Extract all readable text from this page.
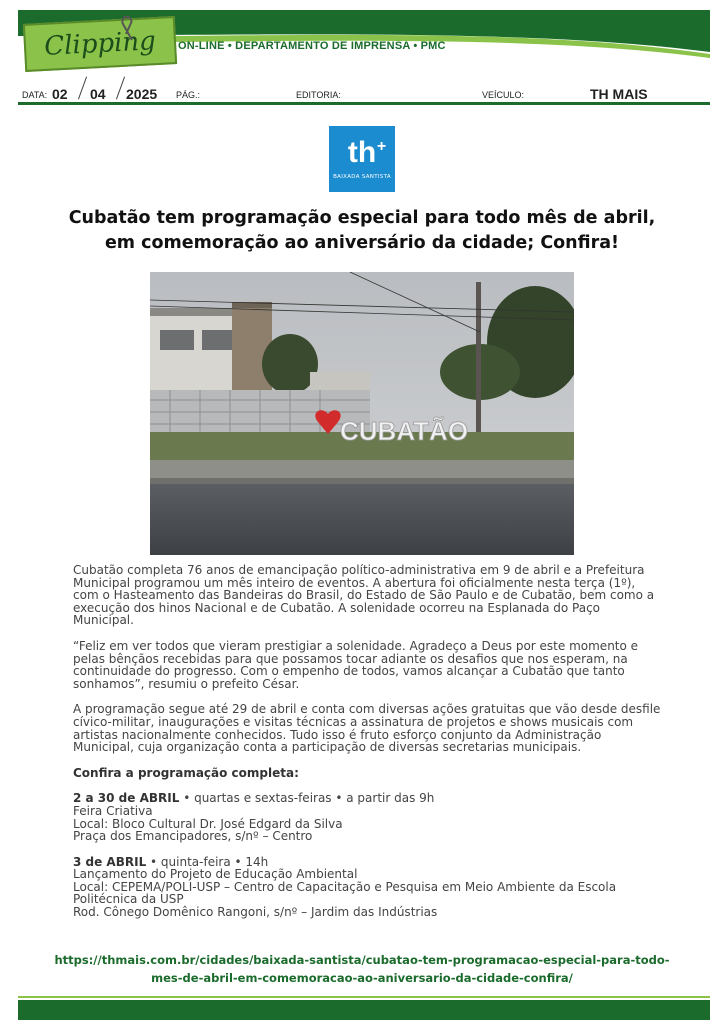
Clipping ON-LINE • DEPARTAMENTO DE IMPRENSA • PMC
DATA: 02 04 2025 PÁG.:	EDITORIA:	VEÍCULO:	TH MAIS
th +
BAIXADA SANTISTA
Cubatão tem programação especial para todo mês de abril,
em comemoração ao aniversário da cidade; Confira!
CUBATÃO

Cubatão completa 76 anos de emancipação político-administrativa em 9 de abril e a Prefeitura Municipal programou um mês inteiro de eventos. A abertura foi oficialmente nesta terça (1º), com o Hasteamento das Bandeiras do Brasil, do Estado de São Paulo e de Cubatão, bem como a execução dos hinos Nacional e de Cubatão. A solenidade ocorreu na Esplanada do Paço Municipal.

“Feliz em ver todos que vieram prestigiar a solenidade. Agradeço a Deus por este momento e pelas bênçãos recebidas para que possamos tocar adiante os desafios que nos esperam, na continuidade do progresso. Com o empenho de todos, vamos alcançar a Cubatão que tanto sonhamos”, resumiu o prefeito César.

A programação segue até 29 de abril e conta com diversas ações gratuitas que vão desde desfile cívico-militar, inaugurações e visitas técnicas a assinatura de projetos e shows musicais com artistas nacionalmente conhecidos. Tudo isso é fruto esforço conjunto da Administração Municipal, cuja organização conta a participação de diversas secretarias municipais.

Confira a programação completa:

2 a 30 de ABRIL • quartas e sextas-feiras • a partir das 9h
Feira Criativa
Local: Bloco Cultural Dr. José Edgard da Silva
Praça dos Emancipadores, s/nº – Centro
3 de ABRIL • quinta-feira • 14h
Lançamento do Projeto de Educação Ambiental
Local: CEPEMA/POLI-USP – Centro de Capacitação e Pesquisa em Meio Ambiente da Escola Politécnica da USP
Rod. Cônego Domênico Rangoni, s/nº – Jardim das Indústrias
https://thmais.com.br/cidades/baixada-santista/cubatao-tem-programacao-especial-para-todo-
mes-de-abril-em-comemoracao-ao-aniversario-da-cidade-confira/
